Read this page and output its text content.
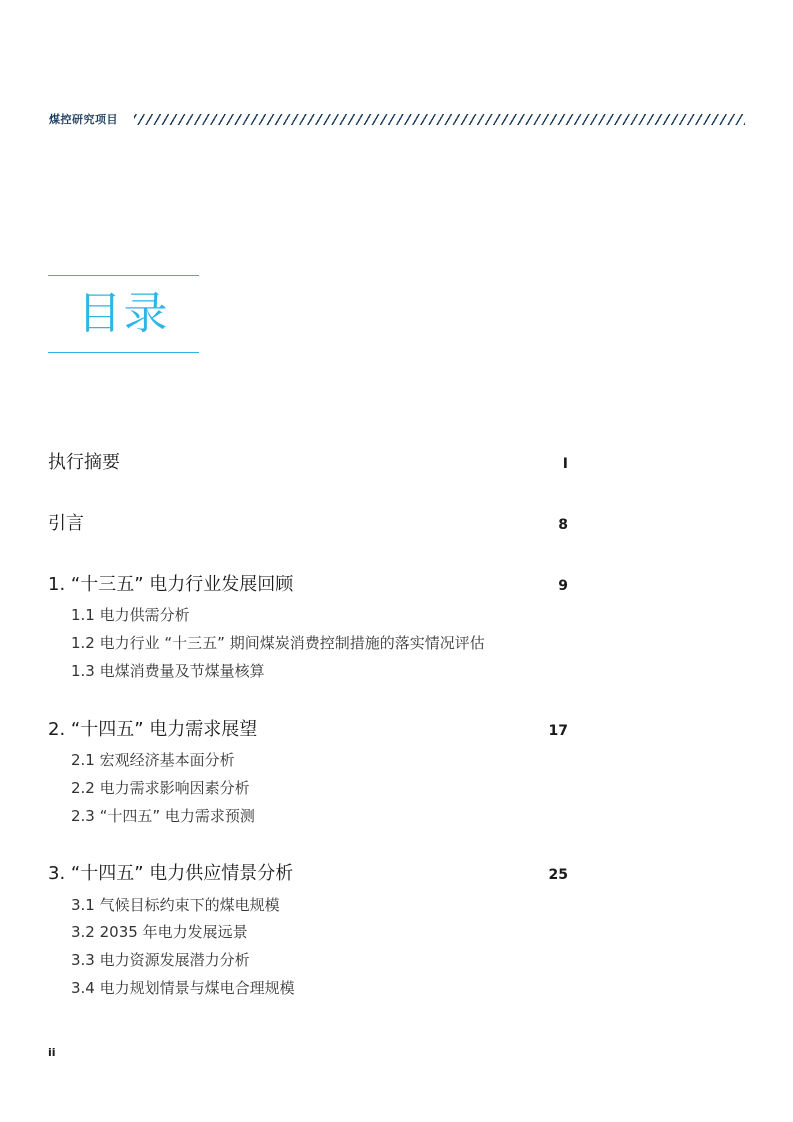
煤控研究项目
目录
执行摘要	I
引言	8
1. “十三五” 电力行业发展回顾	9
1.1 电力供需分析
1.2 电力行业 “十三五” 期间煤炭消费控制措施的落实情况评估
1.3 电煤消费量及节煤量核算
2. “十四五” 电力需求展望	17
2.1 宏观经济基本面分析
2.2 电力需求影响因素分析
2.3 “十四五” 电力需求预测
3. “十四五” 电力供应情景分析	25
3.1 气候目标约束下的煤电规模
3.2 2035 年电力发展远景
3.3 电力资源发展潜力分析
3.4 电力规划情景与煤电合理规模
ii
